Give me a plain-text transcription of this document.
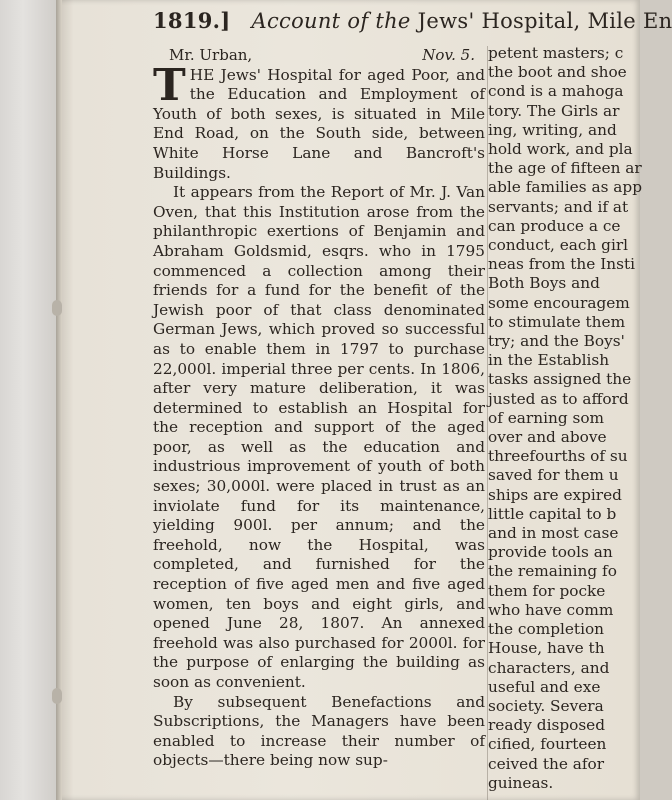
1819.] Account of the Jews' Hospital, Mile En
Mr. Urban,	Nov. 5.

THE Jews' Hospital for aged Poor, and the Education and Employment of Youth of both sexes, is situated in Mile End Road, on the South side, between White Horse Lane and Bancroft's Buildings.

It appears from the Report of Mr. J. Van Oven, that this Institution arose from the philanthropic exertions of Benjamin and Abraham Goldsmid, esqrs. who in 1795 commenced a collection among their friends for a fund for the benefit of the Jewish poor of that class denominated German Jews, which proved so successful as to enable them in 1797 to purchase 22,000l. imperial three per cents. In 1806, after very mature deliberation, it was determined to establish an Hospital for the reception and support of the aged poor, as well as the education and industrious improvement of youth of both sexes; 30,000l. were placed in trust as an inviolate fund for its maintenance, yielding 900l. per annum; and the freehold, now the Hospital, was completed, and furnished for the reception of five aged men and five aged women, ten boys and eight girls, and opened June 28, 1807. An annexed freehold was also purchased for 2000l. for the purpose of enlarging the building as soon as convenient.

By subsequent Benefactions and Subscriptions, the Managers have been enabled to increase their number of objects—there being now sup-

petent masters; c
the boot and shoe
cond is a mahoga
tory. The Girls ar
ing, writing, and
hold work, and pla
the age of fifteen ar
able families as app
servants; and if at
can produce a ce
conduct, each girl
neas from the Insti
Both Boys and
some encouragem
to stimulate them
try; and the Boys'
in the Establish
tasks assigned the
justed as to afford
of earning som
over and above
threefourths of su
saved for them u
ships are expired
little capital to b
and in most case
provide tools an
the remaining fo
them for pocke
who have comm
the completion
House, have th
characters, and
useful and exe
society. Severa
ready disposed
cified, fourteen
ceived the afor
guineas.
